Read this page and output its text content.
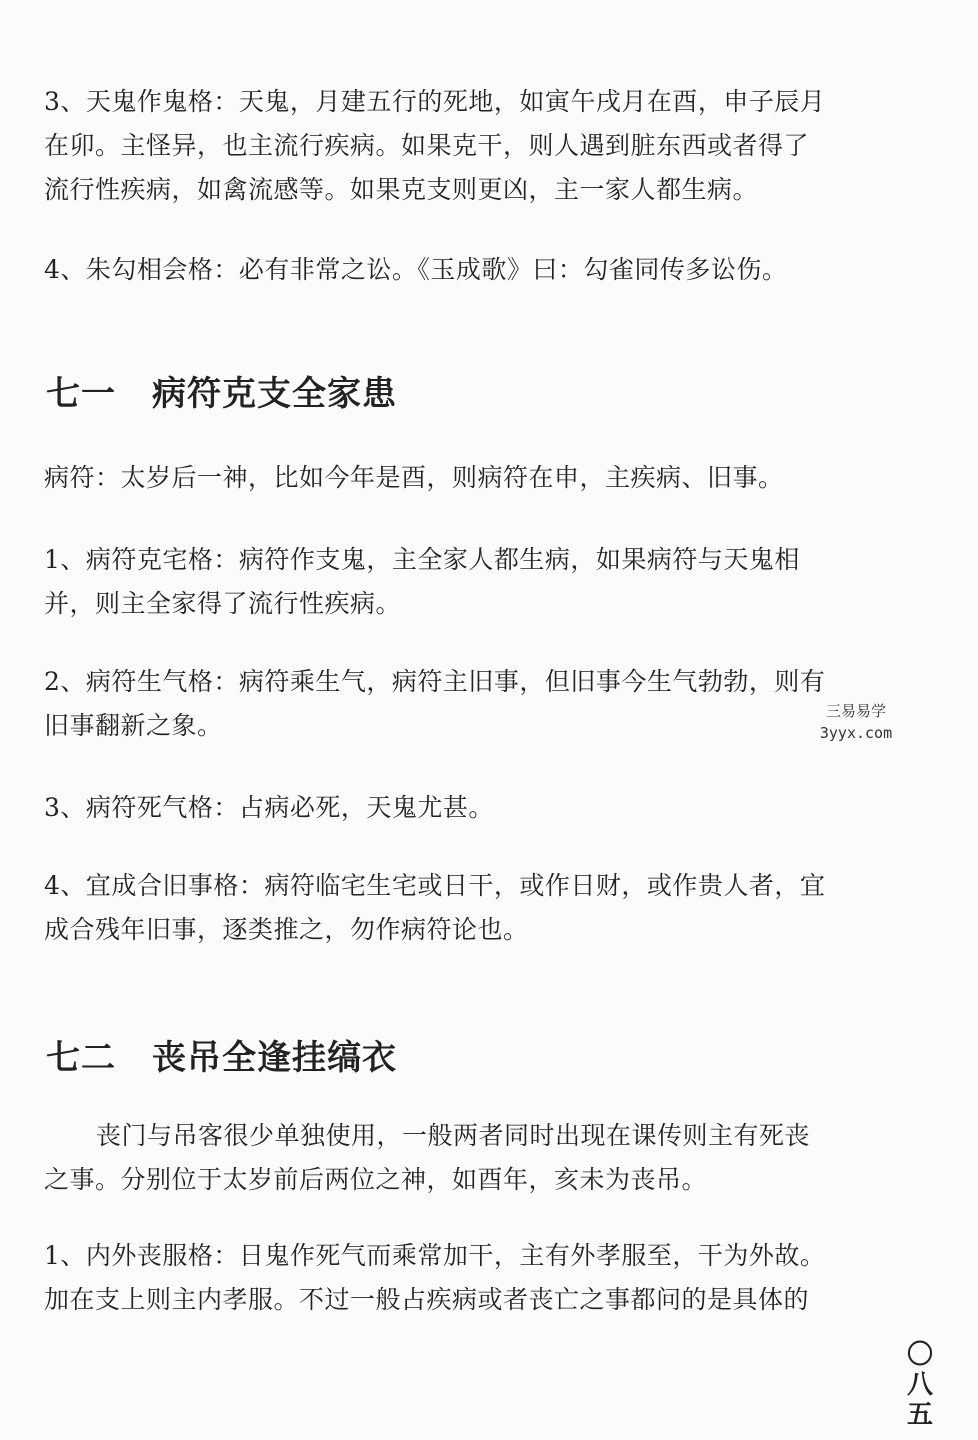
3、天鬼作鬼格：天鬼，月建五行的死地，如寅午戌月在酉，申子辰月
在卯。主怪异，也主流行疾病。如果克干，则人遇到脏东西或者得了
流行性疾病，如禽流感等。如果克支则更凶，主一家人都生病。

4、朱勾相会格：必有非常之讼。《玉成歌》曰：勾雀同传多讼伤。

七一 病符克支全家患

病符：太岁后一神，比如今年是酉，则病符在申，主疾病、旧事。

1、病符克宅格：病符作支鬼，主全家人都生病，如果病符与天鬼相
并，则主全家得了流行性疾病。

2、病符生气格：病符乘生气，病符主旧事，但旧事今生气勃勃，则有
旧事翻新之象。

3、病符死气格：占病必死，天鬼尤甚。

4、宜成合旧事格：病符临宅生宅或日干，或作日财，或作贵人者，宜
成合残年旧事，逐类推之，勿作病符论也。

七二 丧吊全逢挂缟衣

丧门与吊客很少单独使用，一般两者同时出现在课传则主有死丧
之事。分别位于太岁前后两位之神，如酉年，亥未为丧吊。

1、内外丧服格：日鬼作死气而乘常加干，主有外孝服至，干为外故。
加在支上则主内孝服。不过一般占疾病或者丧亡之事都问的是具体的

三易易学
3yyx.com
〇
八
五
